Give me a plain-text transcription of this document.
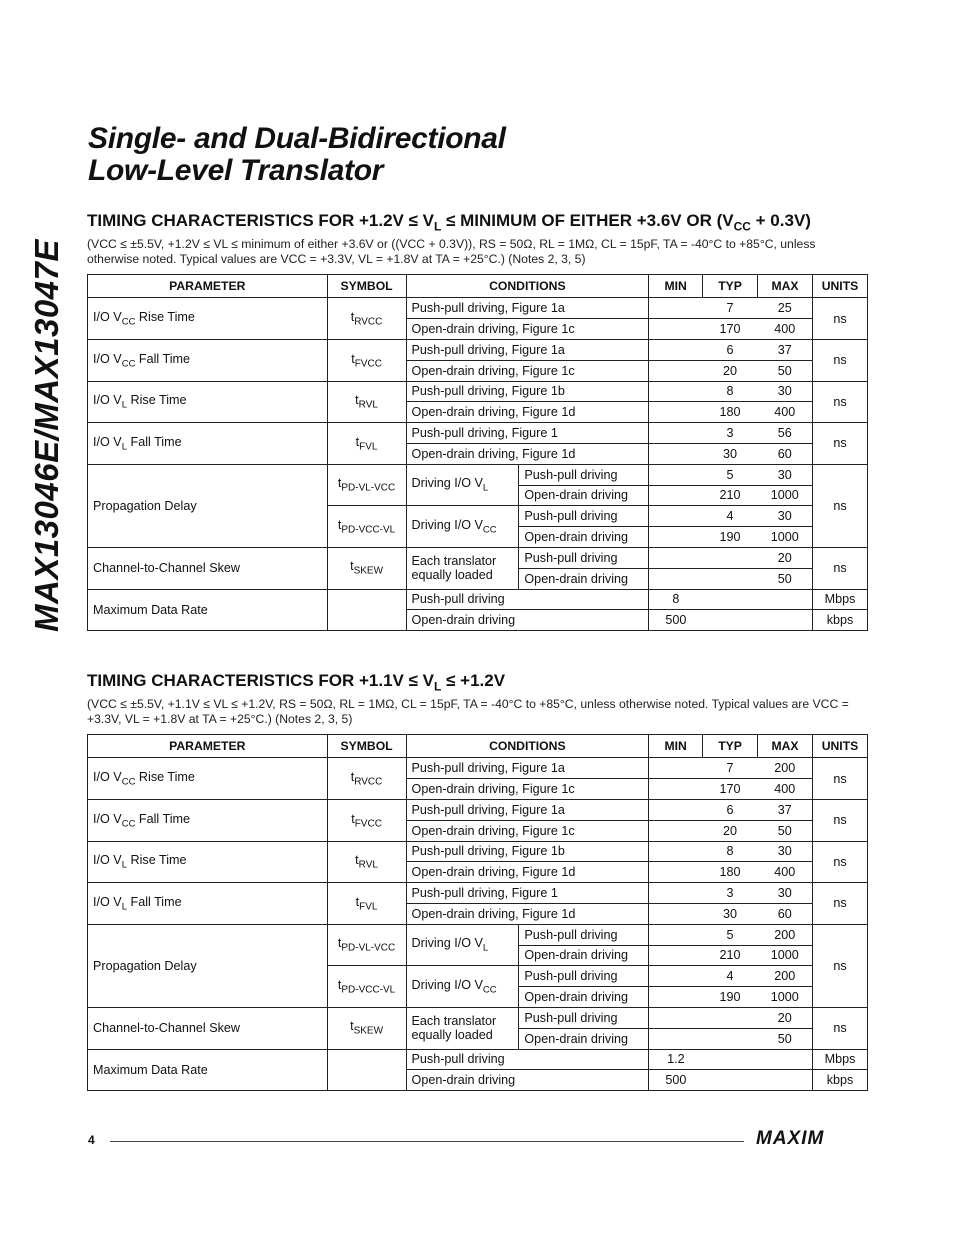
MAX13046E/MAX13047E
Single- and Dual-Bidirectional
Low-Level Translator
TIMING CHARACTERISTICS FOR $+1.2V \le V_L$ ≤ MINIMUM OF EITHER +3.6V OR $(V_{CC} + 0.3V)$
(VCC ≤ ±5.5V, +1.2V ≤ VL ≤ minimum of either +3.6V or ((VCC + 0.3V)), RS = 50Ω, RL = 1MΩ, CL = 15pF, TA = -40°C to +85°C, unless otherwise noted. Typical values are VCC = +3.3V, VL = +1.8V at TA = +25°C.) (Notes 2, 3, 5)
PARAMETER	SYMBOL	CONDITIONS		MIN	TYP	MAX	UNITS
I/O $V_{CC}$ Rise Time	$t_{RVCC}$	Push-pull driving, Figure 1a			7	25	ns
		Open-drain driving, Figure 1c			170	400	
I/O $V_{CC}$ Fall Time	$t_{FVCC}$	Push-pull driving, Figure 1a			6	37	ns
		Open-drain driving, Figure 1c			20	50	
I/O $V_L$ Rise Time	$t_{RVL}$	Push-pull driving, Figure 1b			8	30	ns
		Open-drain driving, Figure 1d			180	400	
I/O $V_L$ Fall Time	$t_{FVL}$	Push-pull driving, Figure 1			3	56	ns
		Open-drain driving, Figure 1d			30	60	
Propagation Delay	$t_{PD-VL-VCC}$	Driving I/O $V_L$	Push-pull driving		5	30	ns
			Open-drain driving		210	1000	
	$t_{PD-VCC-VL}$	Driving I/O $V_{CC}$	Push-pull driving		4	30	
			Open-drain driving		190	1000	
Channel-to-Channel Skew	$t_{SKEW}$	Each translator equally loaded	Push-pull driving			20	ns
			Open-drain driving			50	
Maximum Data Rate		Push-pull driving		8			Mbps
		Open-drain driving		500			kbps
TIMING CHARACTERISTICS FOR $+1.1V \le V_L \le +1.2V$
(VCC ≤ ±5.5V, +1.1V ≤ VL ≤ +1.2V, RS = 50Ω, RL = 1MΩ, CL = 15pF, TA = -40°C to +85°C, unless otherwise noted. Typical values are VCC = +3.3V, VL = +1.8V at TA = +25°C.) (Notes 2, 3, 5)
PARAMETER	SYMBOL	CONDITIONS		MIN	TYP	MAX	UNITS
I/O $V_{CC}$ Rise Time	$t_{RVCC}$	Push-pull driving, Figure 1a			7	200	ns
		Open-drain driving, Figure 1c			170	400	
I/O $V_{CC}$ Fall Time	$t_{FVCC}$	Push-pull driving, Figure 1a			6	37	ns
		Open-drain driving, Figure 1c			20	50	
I/O $V_L$ Rise Time	$t_{RVL}$	Push-pull driving, Figure 1b			8	30	ns
		Open-drain driving, Figure 1d			180	400	
I/O $V_L$ Fall Time	$t_{FVL}$	Push-pull driving, Figure 1			3	30	ns
		Open-drain driving, Figure 1d			30	60	
Propagation Delay	$t_{PD-VL-VCC}$	Driving I/O $V_L$	Push-pull driving		5	200	ns
			Open-drain driving		210	1000	
	$t_{PD-VCC-VL}$	Driving I/O $V_{CC}$	Push-pull driving		4	200	
			Open-drain driving		190	1000	
Channel-to-Channel Skew	$t_{SKEW}$	Each translator equally loaded	Push-pull driving			20	ns
			Open-drain driving			50	
Maximum Data Rate		Push-pull driving		1.2			Mbps
		Open-drain driving		500			kbps
4	MAXIM
